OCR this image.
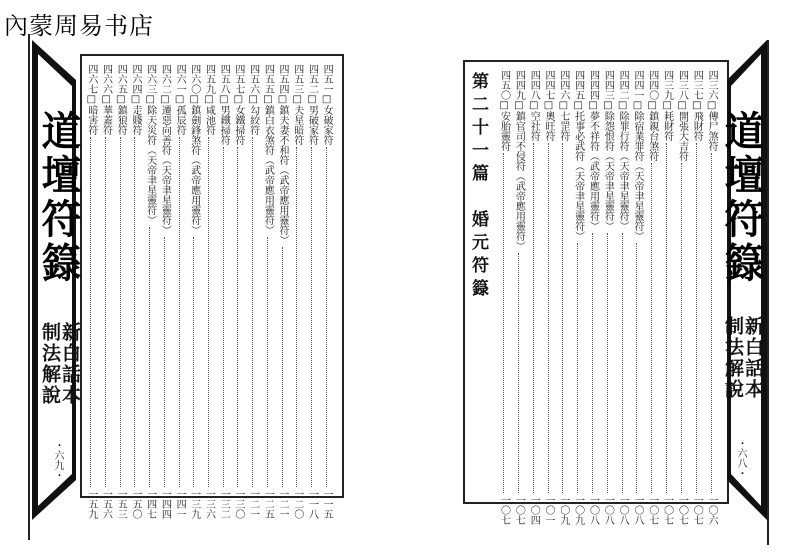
內蒙周易书店
四五一□女破家符
一一五
四五二□男破家符
一一八
四五三□夫星暗符
一二〇
四五四□鎮夫妻不和符（武帝應用靈符）
一二一
四五五□鎮白衣煞符（武帝應用靈符）
一二五
四五六□勾絞符
一二一
四五七□女鐵掃符
一三〇
四五八□男鐵掃符
一三二
四五九□咸池符
一三六
四六〇□鎮劍鋒煞符（武帝應用靈符）
一三九
四六一□孤辰符
一四一
四六二□遷惡向善符（天帝聿星靈符）
一四四
四六三□除天災符（天帝聿星靈符）
一四七
四六四□走賤符
一五〇
四六五□鎮狼符
一五三
四六六□華蓋符
一五六
四六七□暗害符
一五九
道壇符籙
新白話本
制法解說
・六九・
四三六□傳尸煞符
一〇六
四三七□飛財符
一〇七
四三八□開張大吉符
一〇七
四三九□耗財符
一〇七
四四〇□鎮親台煞符
一〇七
四四一□除宿業罪符（天帝聿星靈符）
一〇八
四四二□除罪行符（天帝聿星靈符）
一〇八
四四三□除怨恨符（天帝聿星靈符）
一〇八
四四四□夢不祥符（武帝應用靈符）
一〇八
四四五□托事必武符（天帝聿星靈符）
一〇九
四四六□七罡符
一〇九
四四七□奧旺符
一〇一
四四八□空社符
一〇四
四四九□鎮官司不侵符（武帝應用靈符）
一〇七
四五〇□安胎靈符
一〇七
第二十一篇　婚元符籙	道壇符籙
新白話本
制法解說
・六八・
